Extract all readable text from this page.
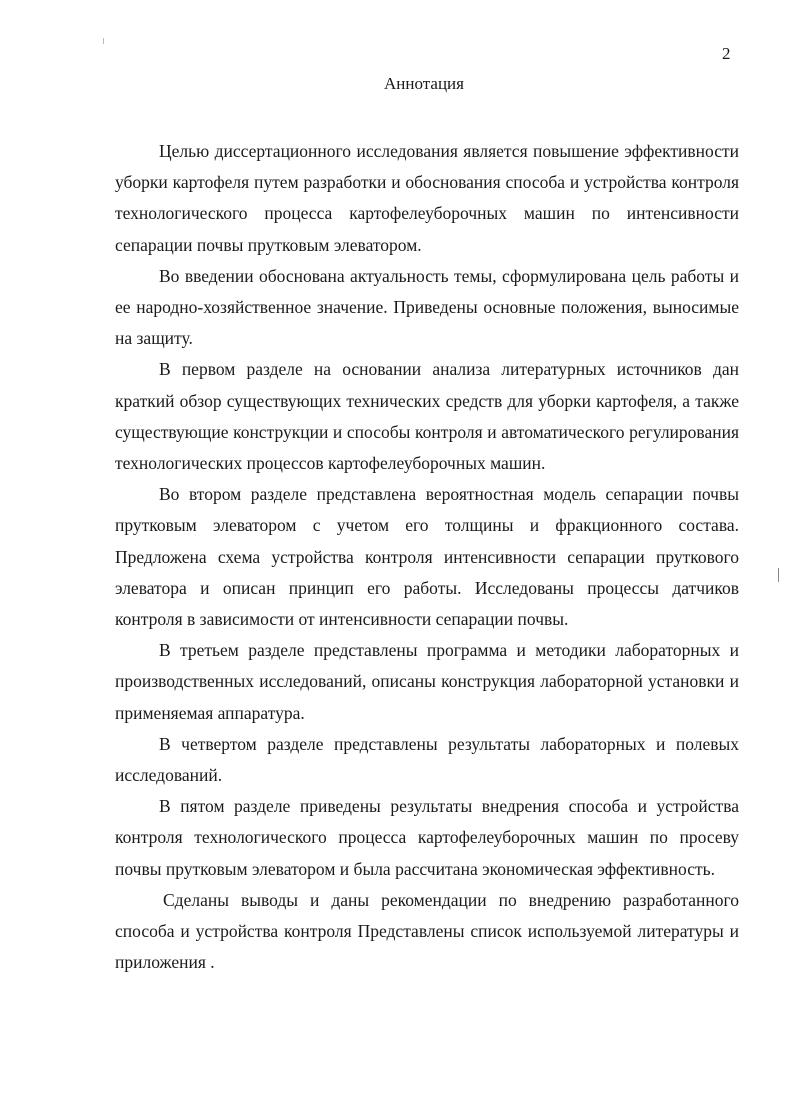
2
Аннотация

Целью диссертационного исследования является повышение эффективности уборки картофеля путем разработки и обоснования способа и устройства контроля технологического процесса картофелеуборочных машин по интенсивности сепарации почвы прутковым элеватором.

Во введении обоснована актуальность темы, сформулирована цель работы и ее народно-хозяйственное значение. Приведены основные положения, выносимые на защиту.

В первом разделе на основании анализа литературных источников дан краткий обзор существующих технических средств для уборки картофеля, а также существующие конструкции и способы контроля и автоматического регулирования технологических процессов картофелеуборочных машин.

Во втором разделе представлена вероятностная модель сепарации почвы прутковым элеватором с учетом его толщины и фракционного состава. Предложена схема устройства контроля интенсивности сепарации пруткового элеватора и описан принцип его работы. Исследованы процессы датчиков контроля в зависимости от интенсивности сепарации почвы.

В третьем разделе представлены программа и методики лабораторных и производственных исследований, описаны конструкция лабораторной установки и применяемая аппаратура.

В четвертом разделе представлены результаты лабораторных и полевых исследований.

В пятом разделе приведены результаты внедрения способа и устройства контроля технологического процесса картофелеуборочных машин по просеву почвы прутковым элеватором и была рассчитана экономическая эффективность.

Сделаны выводы и даны рекомендации по внедрению разработанного способа и устройства контроля Представлены список используемой литературы и приложения .
